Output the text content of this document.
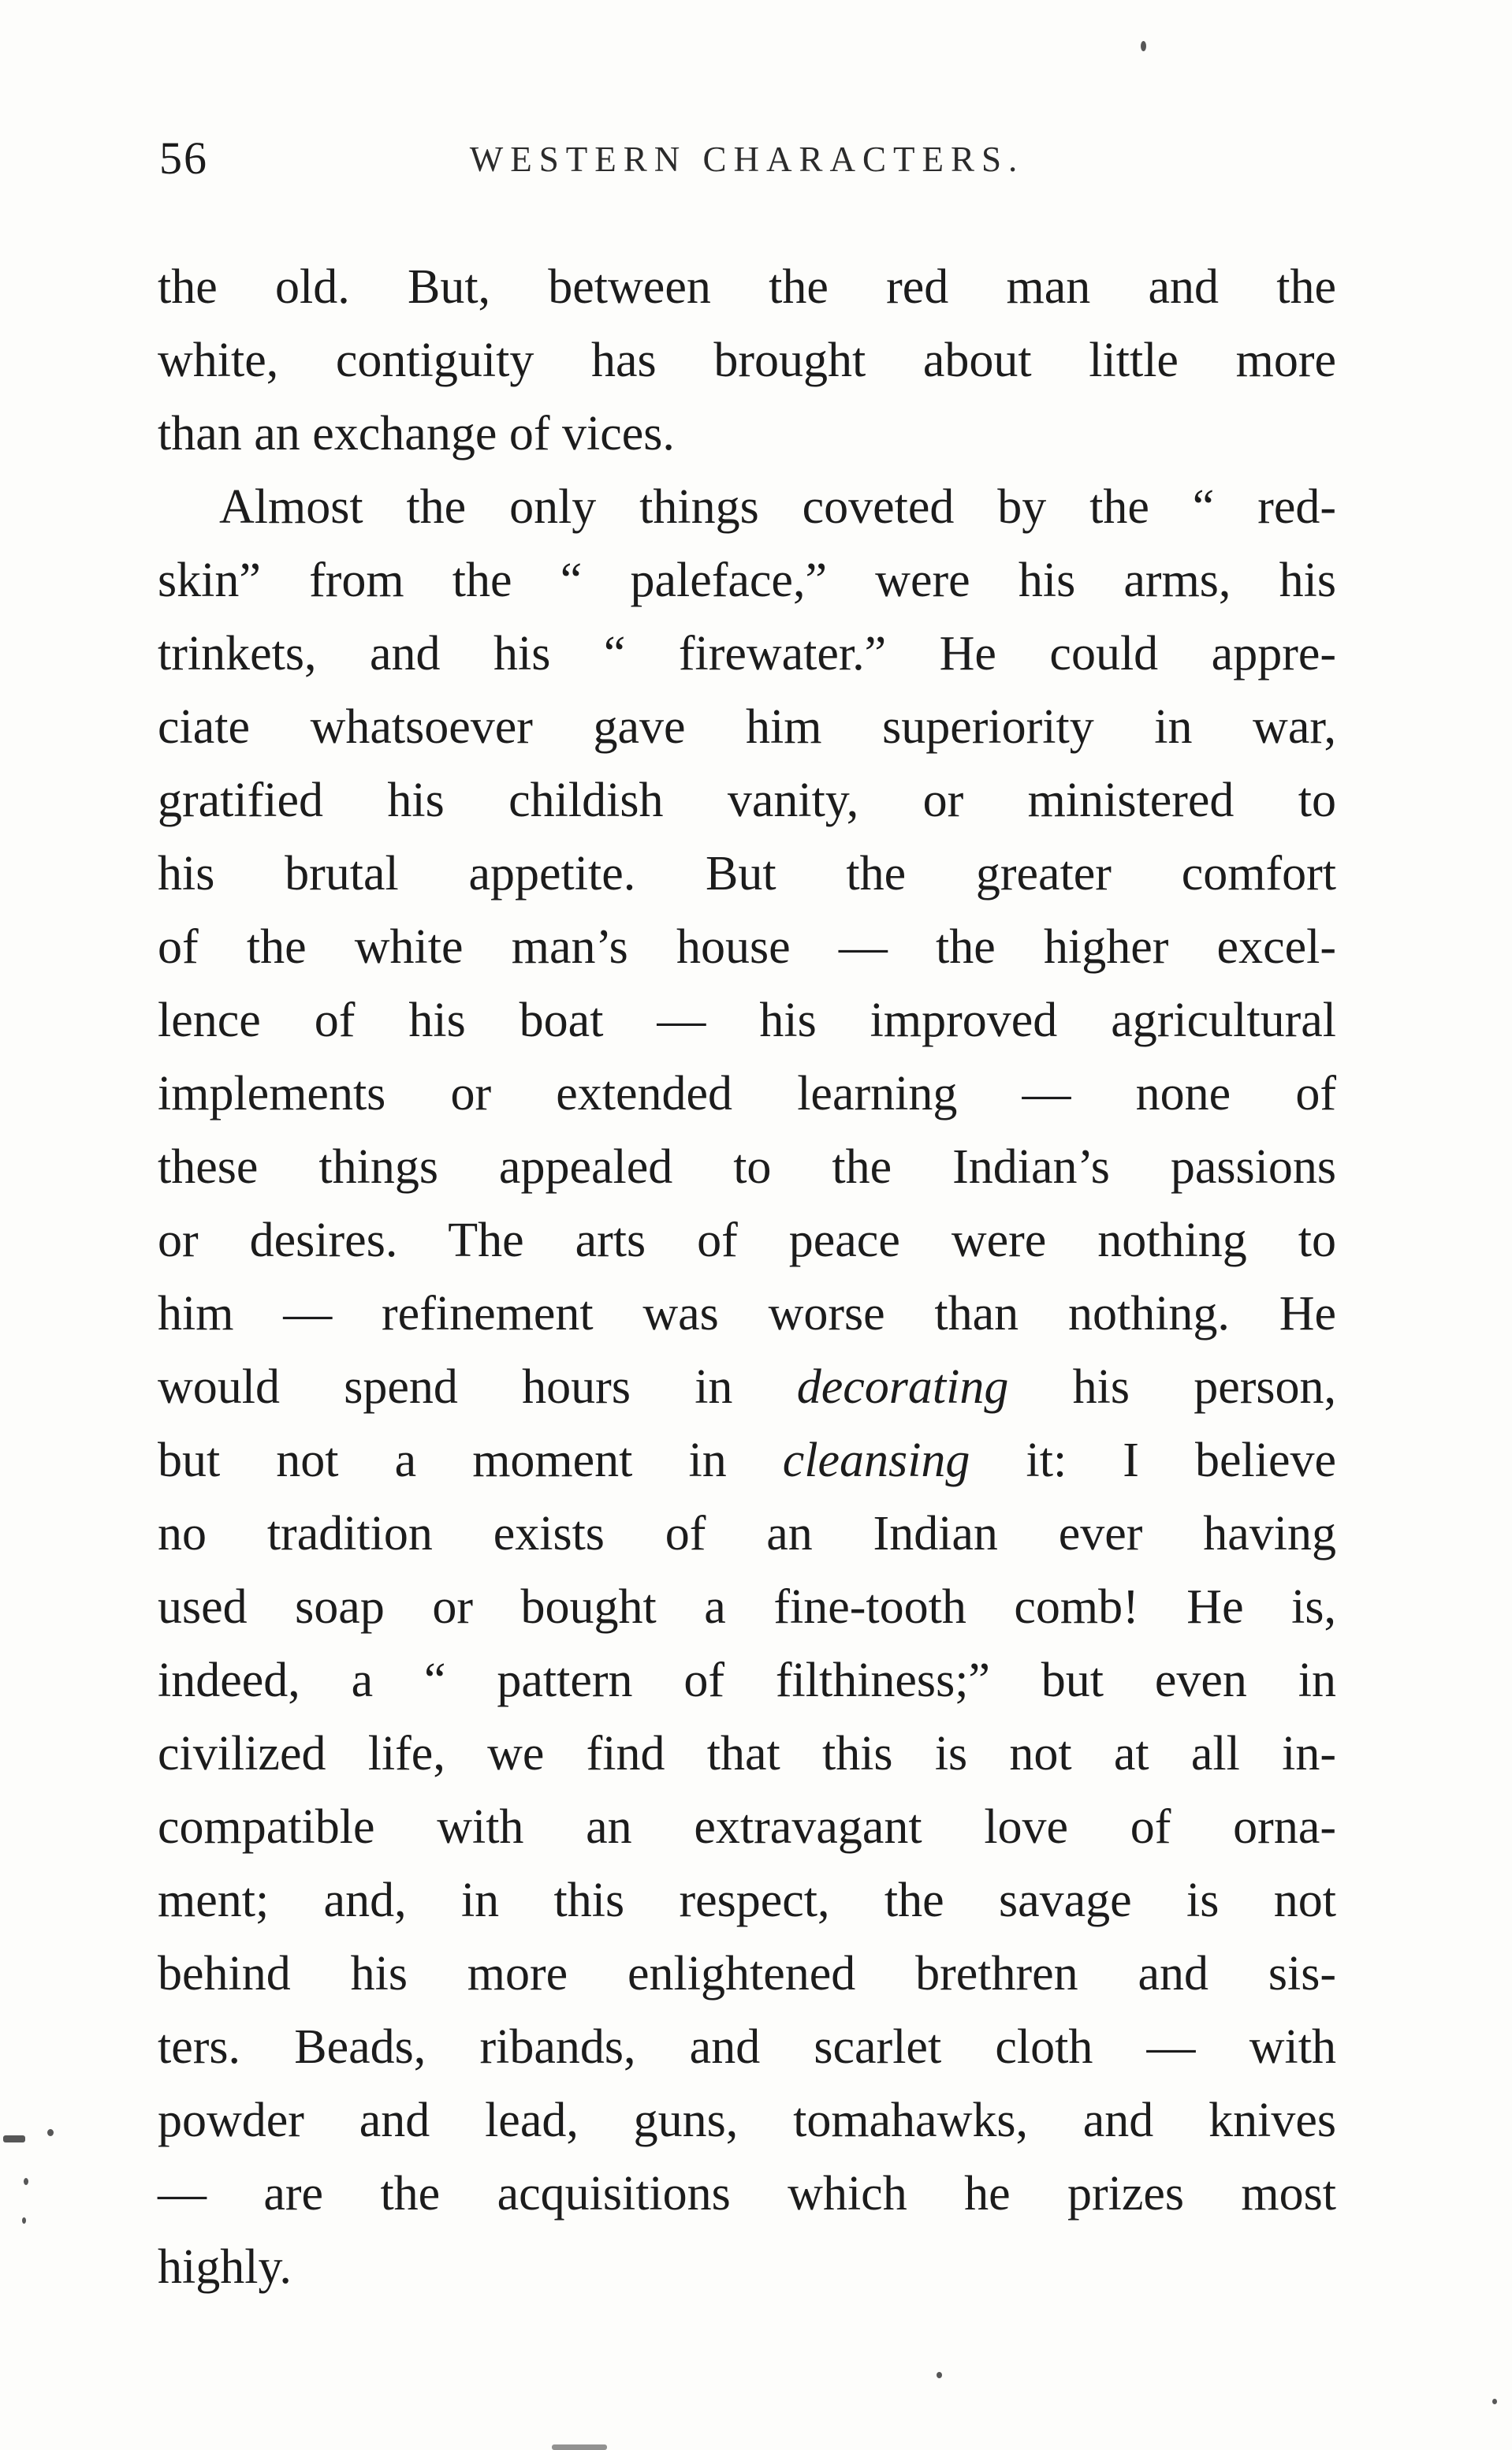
56	WESTERN CHARACTERS.
the old. But, between the red man and the
white, contiguity has brought about little more
than an exchange of vices.
Almost the only things coveted by the “ red-
skin” from the “ paleface,” were his arms, his
trinkets, and his “ firewater.” He could appre-
ciate whatsoever gave him superiority in war,
gratified his childish vanity, or ministered to
his brutal appetite. But the greater comfort
of the white man’s house — the higher excel-
lence of his boat — his improved agricultural
implements or extended learning — none of
these things appealed to the Indian’s passions
or desires. The arts of peace were nothing to
him — refinement was worse than nothing. He
would spend hours in decorating his person,
but not a moment in cleansing it: I believe
no tradition exists of an Indian ever having
used soap or bought a fine-tooth comb! He is,
indeed, a “ pattern of filthiness;” but even in
civilized life, we find that this is not at all in-
compatible with an extravagant love of orna-
ment; and, in this respect, the savage is not
behind his more enlightened brethren and sis-
ters. Beads, ribands, and scarlet cloth — with
powder and lead, guns, tomahawks, and knives
— are the acquisitions which he prizes most
highly.
